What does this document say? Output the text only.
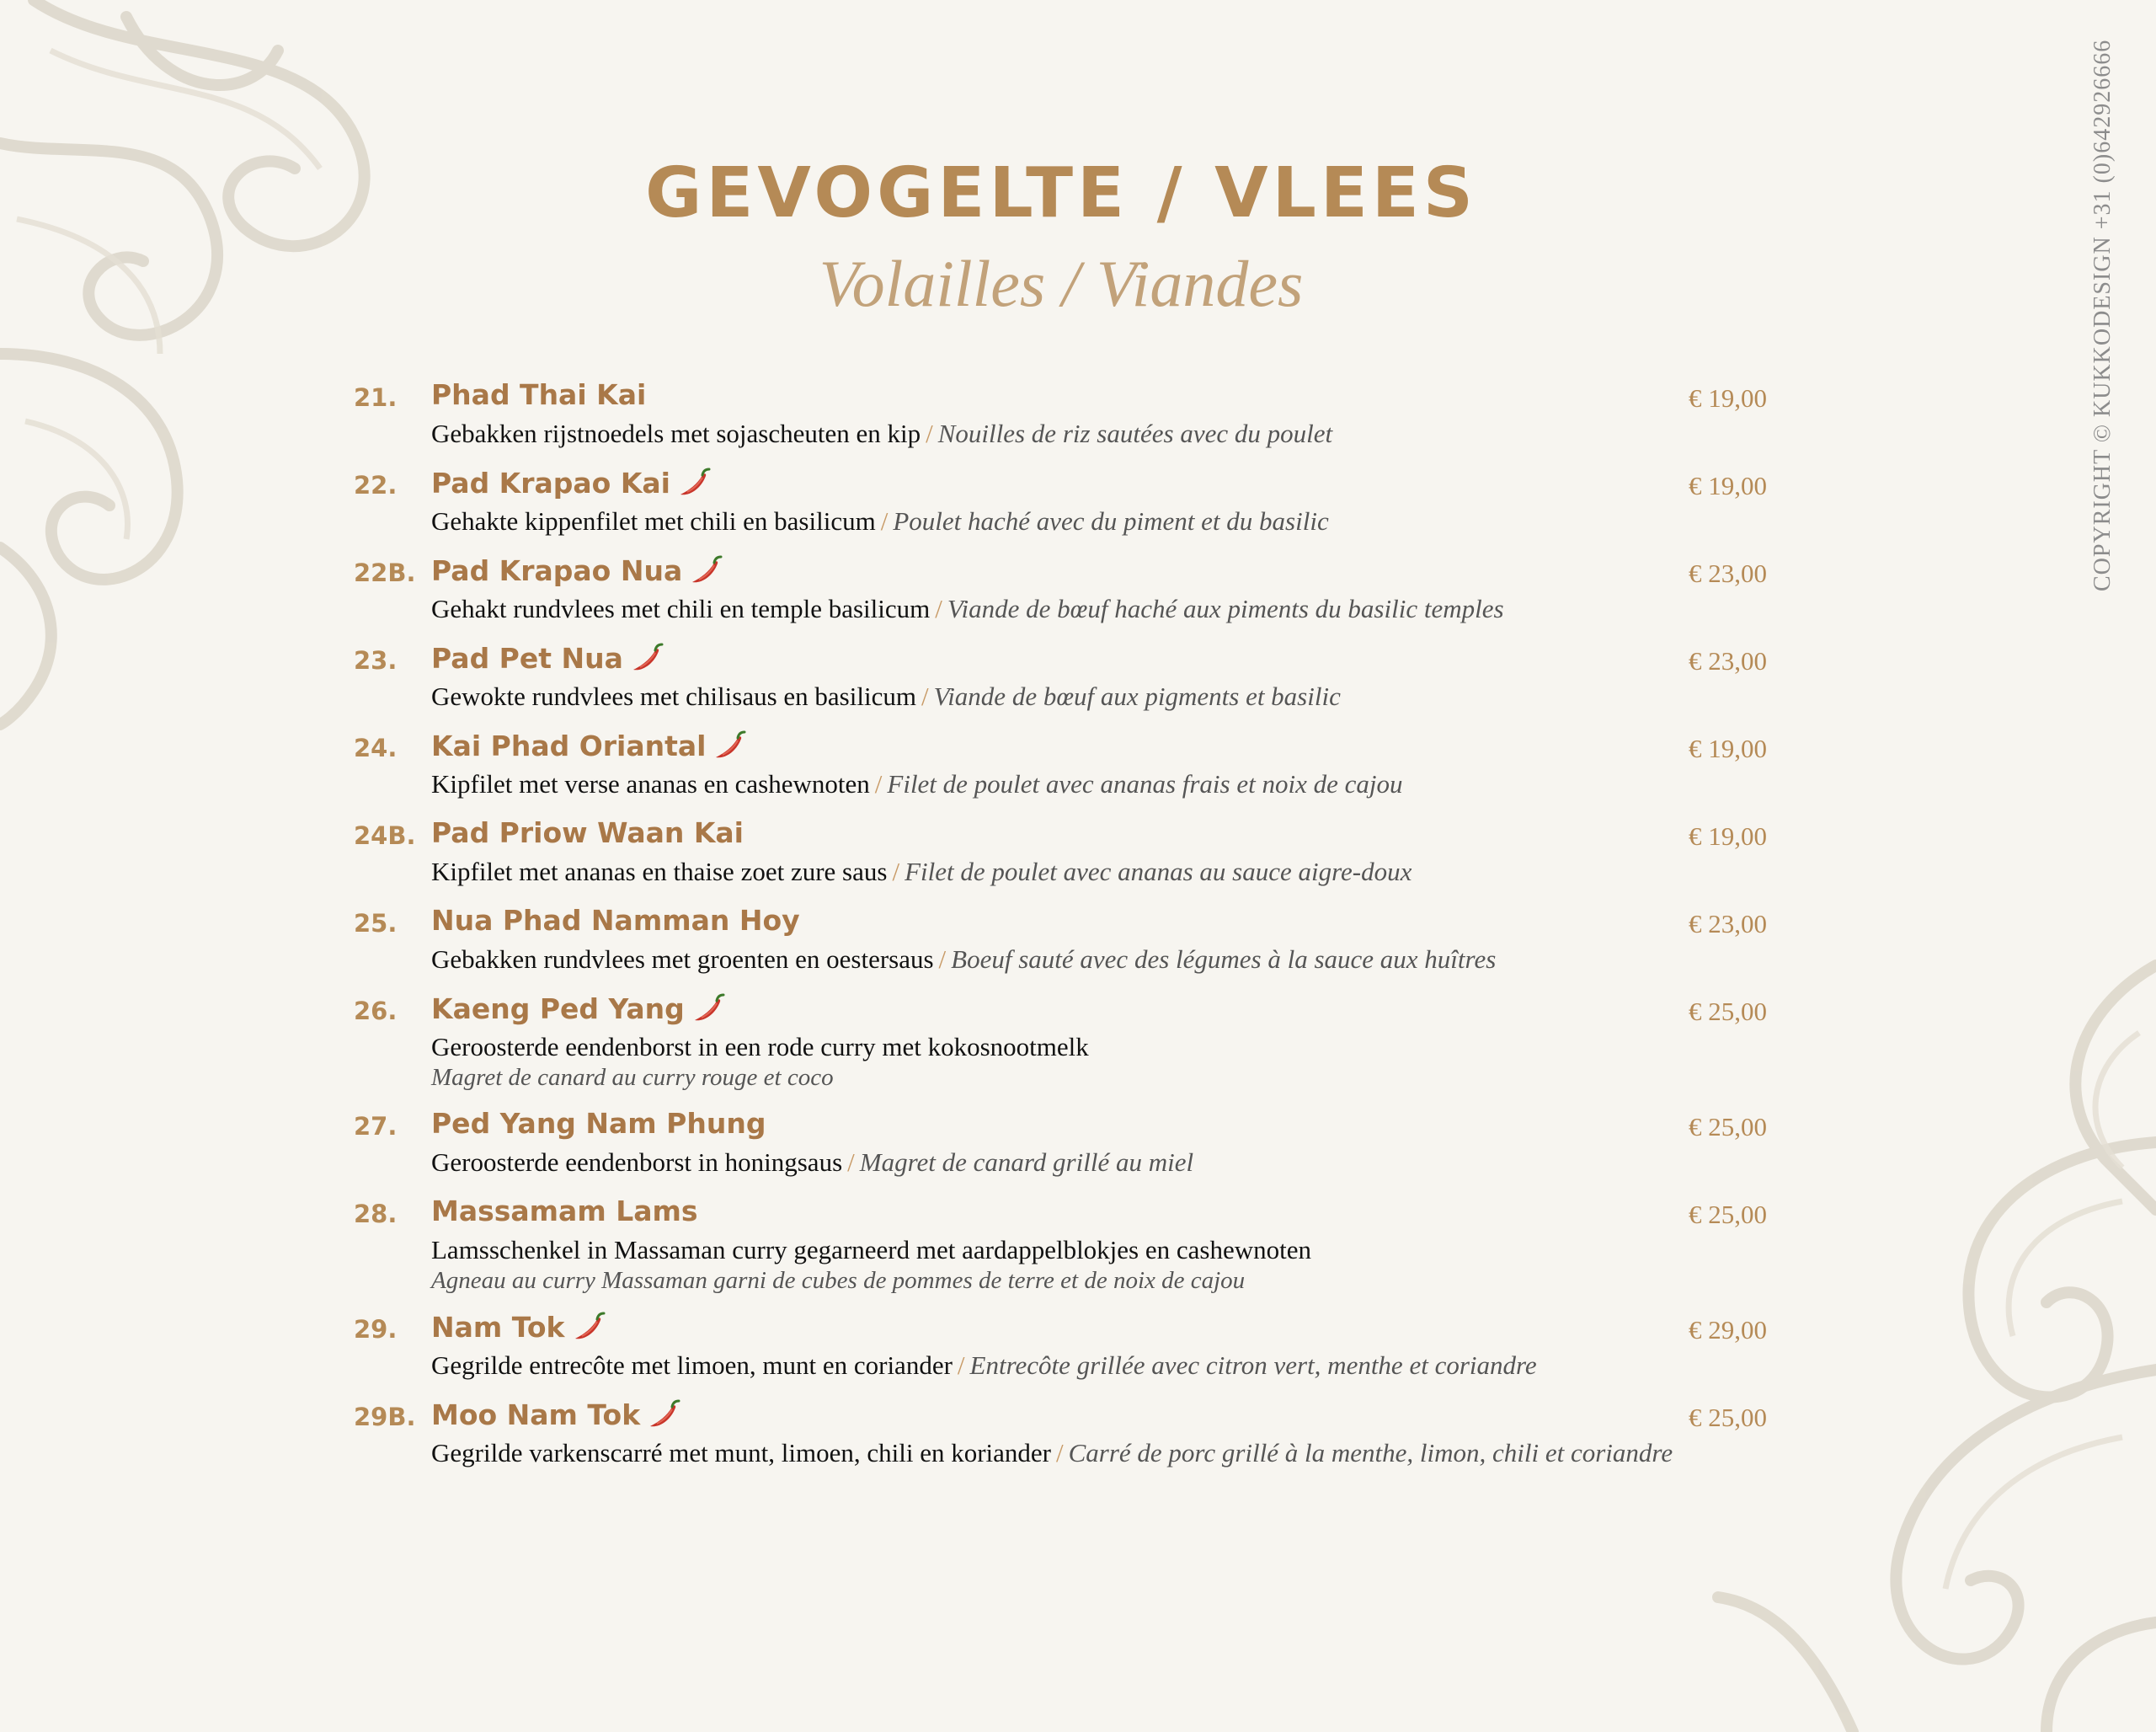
GEVOGELTE / VLEES
Volailles / Viandes	COPYRIGHT © KUKKODESIGN +31 (0)642926666
21. Phad Thai Kai	€ 19,00
Gebakken rijstnoedels met sojascheuten en kip / Nouilles de riz sautées avec du poulet
22. Pad Krapao Kai	€ 19,00
Gehakte kippenfilet met chili en basilicum / Poulet haché avec du piment et du basilic
22B. Pad Krapao Nua	€ 23,00
Gehakt rundvlees met chili en temple basilicum / Viande de bœuf haché aux piments du basilic temples
23. Pad Pet Nua	€ 23,00
Gewokte rundvlees met chilisaus en basilicum / Viande de bœuf aux pigments et basilic
24. Kai Phad Oriantal	€ 19,00
Kipfilet met verse ananas en cashewnoten / Filet de poulet avec ananas frais et noix de cajou
24B. Pad Priow Waan Kai	€ 19,00
Kipfilet met ananas en thaise zoet zure saus / Filet de poulet avec ananas au sauce aigre-doux
25. Nua Phad Namman Hoy	€ 23,00
Gebakken rundvlees met groenten en oestersaus / Boeuf sauté avec des légumes à la sauce aux huîtres
26. Kaeng Ped Yang	€ 25,00
Geroosterde eendenborst in een rode curry met kokosnootmelk
Magret de canard au curry rouge et coco
27. Ped Yang Nam Phung	€ 25,00
Geroosterde eendenborst in honingsaus / Magret de canard grillé au miel
28. Massamam Lams	€ 25,00
Lamsschenkel in Massaman curry gegarneerd met aardappelblokjes en cashewnoten
Agneau au curry Massaman garni de cubes de pommes de terre et de noix de cajou
29. Nam Tok	€ 29,00
Gegrilde entrecôte met limoen, munt en coriander / Entrecôte grillée avec citron vert, menthe et coriandre
29B. Moo Nam Tok	€ 25,00
Gegrilde varkenscarré met munt, limoen, chili en koriander / Carré de porc grillé à la menthe, limon, chili et coriandre
